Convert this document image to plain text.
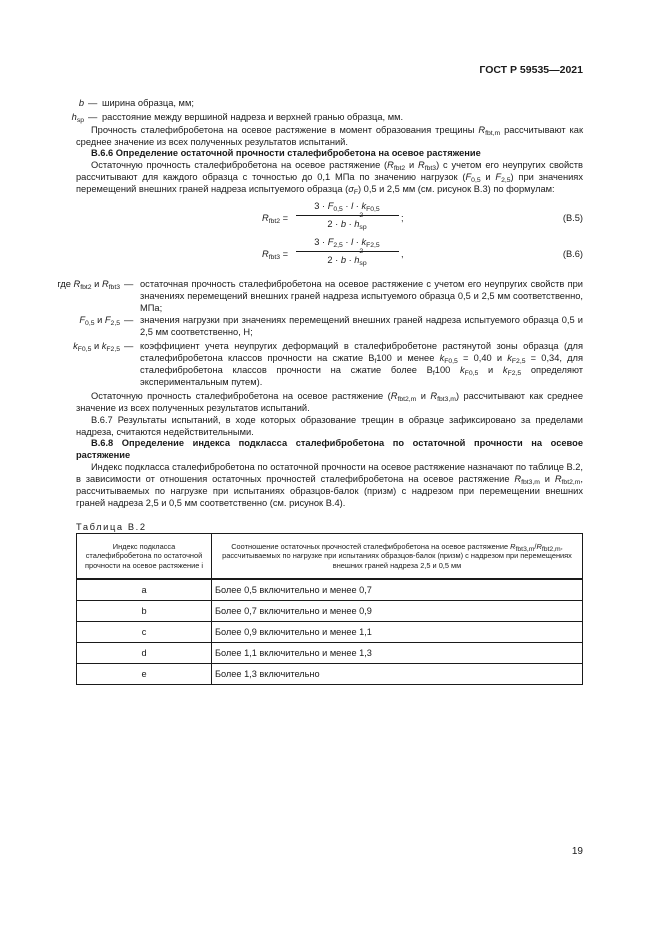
ГОСТ Р 59535—2021
b — ширина образца, мм;
$h_{sp}$ — расстояние между вершиной надреза и верхней гранью образца, мм.
Прочность сталефибробетона на осевое растяжение в момент образования трещины $R_{fbt,m}$ рассчитывают как среднее значение из всех полученных результатов испытаний.
В.6.6 Определение остаточной прочности сталефибробетона на осевое растяжение
Остаточную прочность сталефибробетона на осевое растяжение ($R_{fbt2}$ и $R_{fbt3}$) с учетом его неупругих свойств рассчитывают для каждого образца с точностью до 0,1 МПа по значению нагрузок ($F_{0,5}$ и $F_{2,5}$) при значениях перемещений внешних граней надреза испытуемого образца $(\sigma_F)$ 0,5 и 2,5 мм (см. рисунок В.3) по формулам:
$R_{fbt2}$ =
$3 \cdot F_{0,5} \cdot l \cdot k_{F0,5}$
2 · b · h
2
$_{sp}$
;	(В.5)
$R_{fbt3}$ =
$3 \cdot F_{2,5} \cdot l \cdot k_{F2,5}$
2 · b · h
2
$_{sp}$
,	(В.6)
где $R_{fbt2}$ и $R_{fbt3}$ — остаточная прочность сталефибробетона на осевое растяжение с учетом его неупругих свойств при значениях перемещений внешних граней надреза испытуемого образца 0,5 и 2,5 мм соответственно, МПа;
$F_{0,5}$ и $F_{2,5}$ — значения нагрузки при значениях перемещений внешних граней надреза испытуемого образца 0,5 и 2,5 мм соответственно, Н;
$k_{F0,5}$ и $k_{F2,5}$ — коэффициент учета неупругих деформаций в сталефибробетоне растянутой зоны образца (для сталефибробетона классов прочности на сжатие $B_f100$ и менее $k_{F0,5} = 0,40$ и $k_{F2,5} = 0,34$, для сталефибробетона классов прочности на сжатие более $B_f100$ $k_{F0,5}$ и $k_{F2,5}$ определяют экспериментальным путем).
Остаточную прочность сталефибробетона на осевое растяжение ($R_{fbt2,m}$ и $R_{fbt3,m}$) рассчитывают как среднее значение из всех полученных результатов испытаний.
В.6.7 Результаты испытаний, в ходе которых образование трещин в образце зафиксировано за пределами надреза, считаются недействительными.
В.6.8 Определение индекса подкласса сталефибробетона по остаточной прочности на осевое растяжение
Индекс подкласса сталефибробетона по остаточной прочности на осевое растяжение назначают по таблице В.2, в зависимости от отношения остаточных прочностей сталефибробетона на осевое растяжение $R_{fbt3,m}$ и $R_{fbt2,m}$, рассчитываемых по нагрузке при испытаниях образцов-балок (призм) с надрезом при перемещении внешних граней надреза 2,5 и 0,5 мм соответственно (см. рисунок В.4).
Таблица В.2
Индекс подкласса сталефибробетона по остаточной прочности на осевое растяжение i	Соотношение остаточных прочностей сталефибробетона на осевое растяжение $R_{fbt3,m}/R_{fbt2,m}$, рассчитываемых по нагрузке при испытаниях образцов-балок (призм) с надрезом при перемещениях внешних граней надреза 2,5 и 0,5 мм
a	Более 0,5 включительно и менее 0,7
b	Более 0,7 включительно и менее 0,9
c	Более 0,9 включительно и менее 1,1
d	Более 1,1 включительно и менее 1,3
e	Более 1,3 включительно
19
